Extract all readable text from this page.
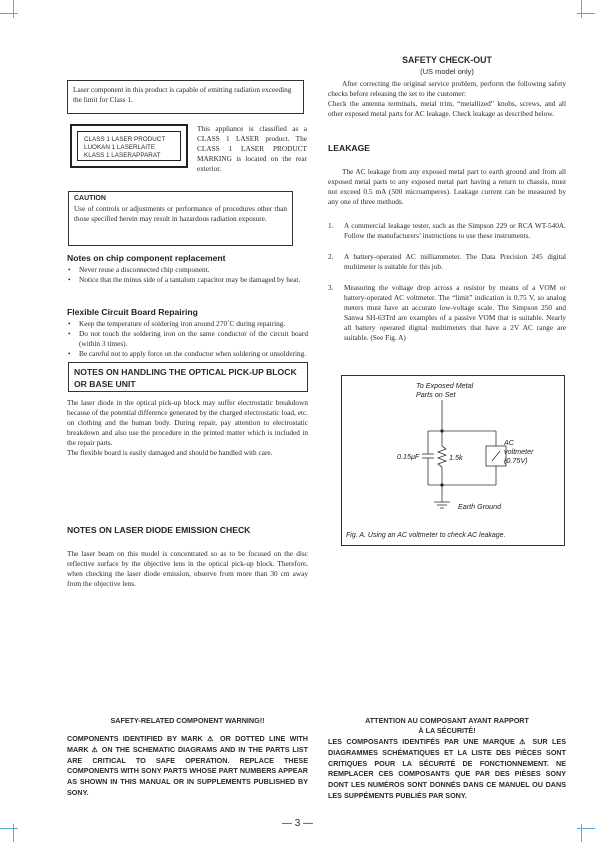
Laser component in this product is capable of emitting radiation exceeding the limit for Class 1.
CLASS 1 LASER PRODUCT
LUOKAN 1 LASERLAITE
KLASS 1 LASERAPPARAT
This appliance is classified as a CLASS 1 LASER product. The CLASS 1 LASER PRODUCT MARKING is located on the rear exterior.
CAUTION
Use of controls or adjustments or performance of procedures other than those specified herein may result in hazardous radiation exposure.
Notes on chip component replacement
• Never reuse a disconnected chip component.
• Notice that the minus side of a tantalum capacitor may be damaged by heat.
Flexible Circuit Board Repairing
• Keep the temperature of soldering iron around 270˚C during repairing.
• Do not touch the soldering iron on the same conductor of the circuit board (within 3 times).
• Be careful not to apply force on the conductor when soldering or unsoldering.
NOTES ON HANDLING THE OPTICAL PICK-UP BLOCK OR BASE UNIT
The laser diode in the optical pick-up block may suffer electrostatic breakdown because of the potential difference generated by the charged electrostatic load, etc. on clothing and the human body. During repair, pay attention to electrostatic breakdown and also use the procedure in the printed matter which is included in the repair parts.
The flexible board is easily damaged and should be handled with care.
NOTES ON LASER DIODE EMISSION CHECK
The laser beam on this model is concentrated so as to be focused on the disc reflective surface by the objective lens in the optical pick-up block. Therefore, when checking the laser diode emission, observe from more than 30 cm away from the objective lens.
SAFETY CHECK-OUT
(US model only)
After correcting the original service problem, perform the following safety checks before releasing the set to the customer:
Check the antenna terminals, metal trim, “metallized” knobs, screws, and all other exposed metal parts for AC leakage. Check leakage as described below.
LEAKAGE
The AC leakage from any exposed metal part to earth ground and from all exposed metal parts to any exposed metal part having a return to chassis, must not exceed 0.5 mA (500 microamperes). Leakage current can be measured by any one of three methods.
1. A commercial leakage tester, such as the Simpson 229 or RCA WT-540A. Follow the manufacturers’ instructions to use these instruments.
2. A battery-operated AC milliammeter. The Data Precision 245 digital multimeter is suitable for this job.
3. Measuring the voltage drop across a resistor by means of a VOM or battery-operated AC voltmeter. The “limit” indication is 0.75 V, so analog meters must have an accurate low-voltage scale. The Simpson 250 and Sanwa SH-63Trd are examples of a passive VOM that is suitable. Nearly all battery operated digital multimeters that have a 2V AC range are suitable. (See Fig. A)
To Exposed Metal
Parts on Set
0.15μF	1.5k
AC
voltmeter
(0.75V)
Earth Ground
Fig. A. Using an AC voltmeter to check AC leakage.
SAFETY-RELATED COMPONENT WARNING!!
COMPONENTS IDENTIFIED BY MARK ⚠ OR DOTTED LINE WITH MARK ⚠ ON THE SCHEMATIC DIAGRAMS AND IN THE PARTS LIST ARE CRITICAL TO SAFE OPERATION. REPLACE THESE COMPONENTS WITH SONY PARTS WHOSE PART NUMBERS APPEAR AS SHOWN IN THIS MANUAL OR IN SUPPLEMENTS PUBLISHED BY SONY.
ATTENTION AU COMPOSANT AYANT RAPPORT
À LA SÉCURITÉ!
LES COMPOSANTS IDENTIFÉS PAR UNE MARQUE ⚠ SUR LES DIAGRAMMES SCHÉMATIQUES ET LA LISTE DES PIÈCES SONT CRITIQUES POUR LA SÉCURITÉ DE FONCTIONNEMENT. NE REMPLACER CES COMPOSANTS QUE PAR DES PIÈSES SONY DONT LES NUMÉROS SONT DONNÉS DANS CE MANUEL OU DANS LES SUPPÉMENTS PUBLIÉS PAR SONY.
— 3 —
